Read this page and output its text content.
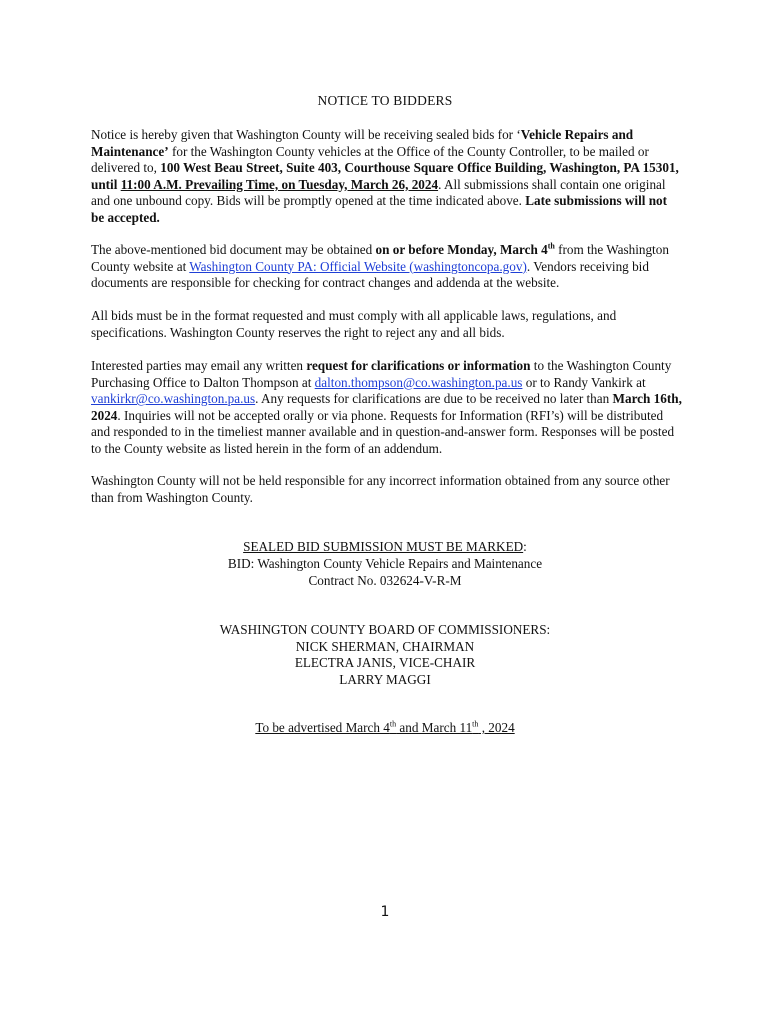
NOTICE TO BIDDERS

Notice is hereby given that Washington County will be receiving sealed bids for ‘Vehicle Repairs and Maintenance’ for the Washington County vehicles at the Office of the County Controller, to be mailed or delivered to, 100 West Beau Street, Suite 403, Courthouse Square Office Building, Washington, PA 15301, until 11:00 A.M. Prevailing Time, on Tuesday, March 26, 2024. All submissions shall contain one original and one unbound copy. Bids will be promptly opened at the time indicated above. Late submissions will not be accepted.

The above-mentioned bid document may be obtained on or before Monday, March 4th from the Washington County website at Washington County PA: Official Website (washingtoncopa.gov). Vendors receiving bid documents are responsible for checking for contract changes and addenda at the website.

All bids must be in the format requested and must comply with all applicable laws, regulations, and specifications. Washington County reserves the right to reject any and all bids.

Interested parties may email any written request for clarifications or information to the Washington County Purchasing Office to Dalton Thompson at dalton.thompson@co.washington.pa.us or to Randy Vankirk at vankirkr@co.washington.pa.us. Any requests for clarifications are due to be received no later than March 16th, 2024. Inquiries will not be accepted orally or via phone. Requests for Information (RFI’s) will be distributed and responded to in the timeliest manner available and in question-and-answer form. Responses will be posted to the County website as listed herein in the form of an addendum.

Washington County will not be held responsible for any incorrect information obtained from any source other than from Washington County.

SEALED BID SUBMISSION MUST BE MARKED:
BID: Washington County Vehicle Repairs and Maintenance
Contract No. 032624-V-R-M
WASHINGTON COUNTY BOARD OF COMMISSIONERS:
NICK SHERMAN, CHAIRMAN
ELECTRA JANIS, VICE-CHAIR
LARRY MAGGI
To be advertised March 4th and March 11th , 2024
1
